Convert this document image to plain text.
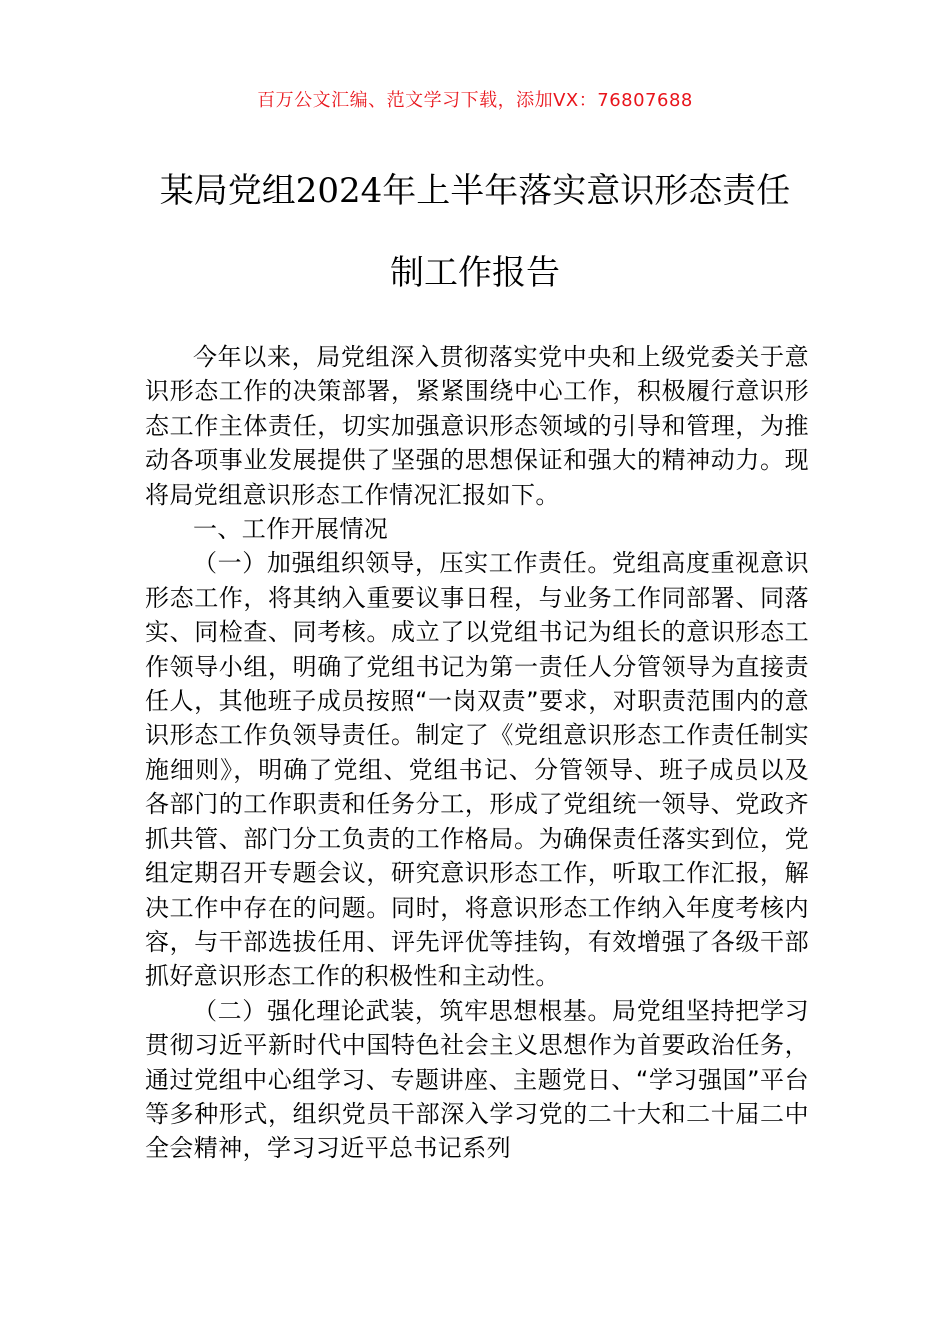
百万公文汇编、范文学习下载，添加VX：76807688
某局党组2024年上半年落实意识形态责任
制工作报告

今年以来，局党组深入贯彻落实党中央和上级党委关于意识形态工作的决策部署，紧紧围绕中心工作，积极履行意识形态工作主体责任，切实加强意识形态领域的引导和管理，为推动各项事业发展提供了坚强的思想保证和强大的精神动力。现将局党组意识形态工作情况汇报如下。

一、工作开展情况

（一）加强组织领导，压实工作责任。党组高度重视意识形态工作，将其纳入重要议事日程，与业务工作同部署、同落实、同检查、同考核。成立了以党组书记为组长的意识形态工作领导小组，明确了党组书记为第一责任人分管领导为直接责任人，其他班子成员按照“一岗双责”要求，对职责范围内的意识形态工作负领导责任。制定了《党组意识形态工作责任制实施细则》，明确了党组、党组书记、分管领导、班子成员以及各部门的工作职责和任务分工，形成了党组统一领导、党政齐抓共管、部门分工负责的工作格局。为确保责任落实到位，党组定期召开专题会议，研究意识形态工作，听取工作汇报，解决工作中存在的问题。同时，将意识形态工作纳入年度考核内容，与干部选拔任用、评先评优等挂钩，有效增强了各级干部抓好意识形态工作的积极性和主动性。

（二）强化理论武装，筑牢思想根基。局党组坚持把学习贯彻习近平新时代中国特色社会主义思想作为首要政治任务，通过党组中心组学习、专题讲座、主题党日、“学习强国”平台等多种形式，组织党员干部深入学习党的二十大和二十届二中全会精神，学习习近平总书记系列
